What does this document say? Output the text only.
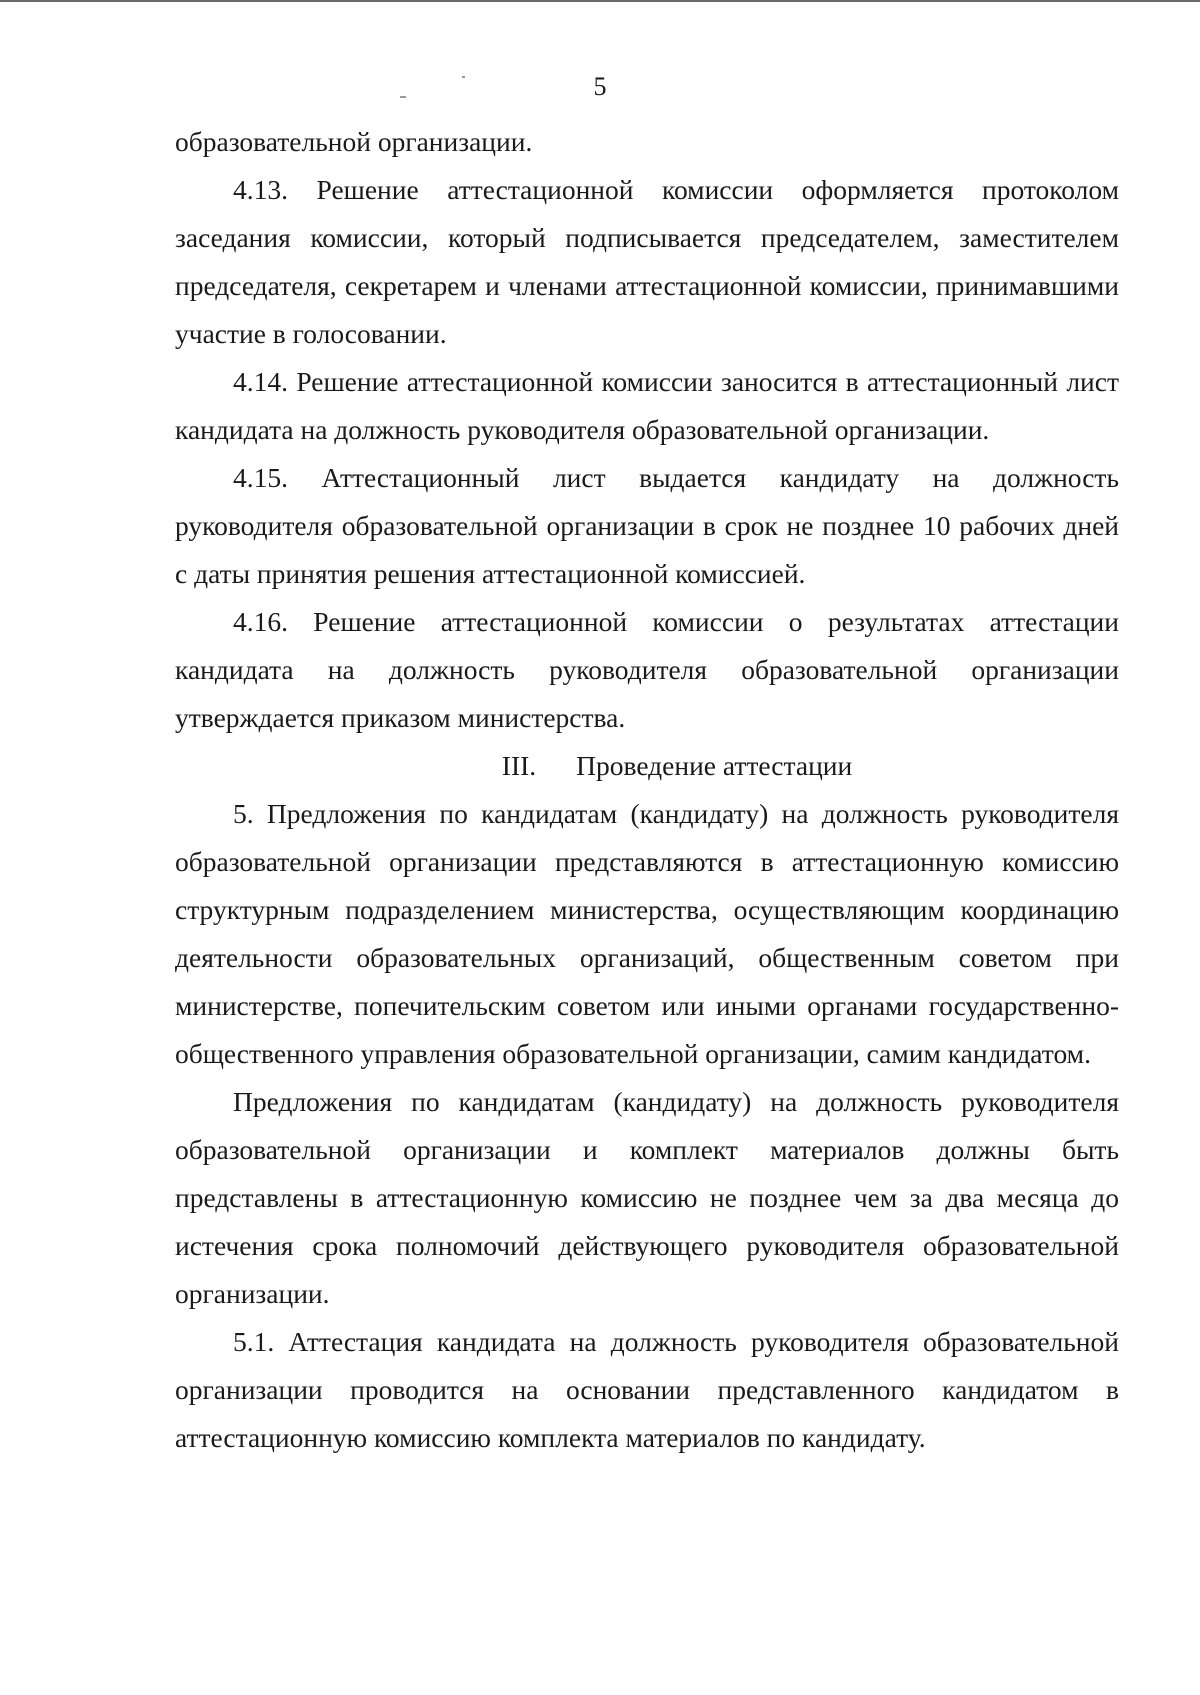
5

образовательной организации.

4.13. Решение аттестационной комиссии оформляется протоколом заседания комиссии, который подписывается председателем, заместителем председателя, секретарем и членами аттестационной комиссии, принимавшими участие в голосовании.

4.14. Решение аттестационной комиссии заносится в аттестационный лист кандидата на должность руководителя образовательной организации.

4.15. Аттестационный лист выдается кандидату на должность руководителя образовательной организации в срок не позднее 10 рабочих дней с даты принятия решения аттестационной комиссией.

4.16. Решение аттестационной комиссии о результатах аттестации кандидата на должность руководителя образовательной организации утверждается приказом министерства.

III. Проведение аттестации

5. Предложения по кандидатам (кандидату) на должность руководителя образовательной организации представляются в аттестационную комиссию структурным подразделением министерства, осуществляющим координацию деятельности образовательных организаций, общественным советом при министерстве, попечительским советом или иными органами государственно-общественного управления образовательной организации, самим кандидатом.

Предложения по кандидатам (кандидату) на должность руководителя образовательной организации и комплект материалов должны быть представлены в аттестационную комиссию не позднее чем за два месяца до истечения срока полномочий действующего руководителя образовательной организации.

5.1. Аттестация кандидата на должность руководителя образовательной организации проводится на основании представленного кандидатом в аттестационную комиссию комплекта материалов по кандидату.
